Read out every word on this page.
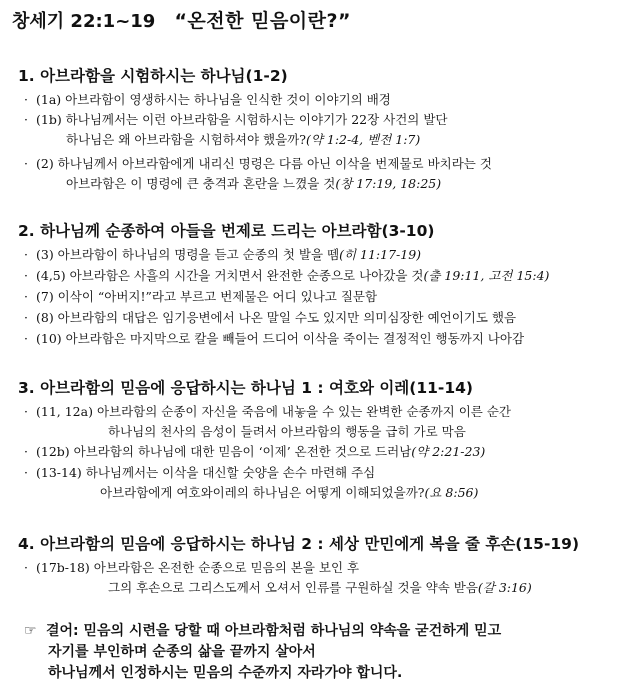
창세기 22:1~19 “온전한 믿음이란?”
1. 아브라함을 시험하시는 하나님(1-2)
· (1a) 아브라함이 영생하시는 하나님을 인식한 것이 이야기의 배경
· (1b) 하나님께서는 이런 아브라함을 시험하시는 이야기가 22장 사건의 발단
하나님은 왜 아브라함을 시험하셔야 했을까?(약 1:2-4, 벧전 1:7)
· (2) 하나님께서 아브라함에게 내리신 명령은 다름 아닌 이삭을 번제물로 바치라는 것
아브라함은 이 명령에 큰 충격과 혼란을 느꼈을 것(창 17:19, 18:25)
2. 하나님께 순종하여 아들을 번제로 드리는 아브라함(3-10)
· (3) 아브라함이 하나님의 명령을 듣고 순종의 첫 발을 뗌(히 11:17-19)
· (4,5) 아브라함은 사흘의 시간을 거치면서 완전한 순종으로 나아갔을 것(출 19:11, 고전 15:4)
· (7) 이삭이 “아버지!”라고 부르고 번제물은 어디 있나고 질문함
· (8) 아브라함의 대답은 임기응변에서 나온 말일 수도 있지만 의미심장한 예언이기도 했음
· (10) 아브라함은 마지막으로 칼을 빼들어 드디어 이삭을 죽이는 결정적인 행동까지 나아감
3. 아브라함의 믿음에 응답하시는 하나님 1 : 여호와 이레(11-14)
· (11, 12a) 아브라함의 순종이 자신을 죽음에 내놓을 수 있는 완벽한 순종까지 이른 순간
하나님의 천사의 음성이 들려서 아브라함의 행동을 급히 가로 막음
· (12b) 아브라함의 하나님에 대한 믿음이 ‘이제’ 온전한 것으로 드러남(약 2:21-23)
· (13-14) 하나님께서는 이삭을 대신할 숫양을 손수 마련해 주심
아브라함에게 여호와이레의 하나님은 어떻게 이해되었을까?(요 8:56)
4. 아브라함의 믿음에 응답하시는 하나님 2 : 세상 만민에게 복을 줄 후손(15-19)
· (17b-18) 아브라함은 온전한 순종으로 믿음의 본을 보인 후
그의 후손으로 그리스도께서 오셔서 인류를 구원하실 것을 약속 받음(갈 3:16)
☞ 결어: 믿음의 시련을 당할 때 아브라함처럼 하나님의 약속을 굳건하게 믿고
자기를 부인하며 순종의 삶을 끝까지 살아서
하나님께서 인정하시는 믿음의 수준까지 자라가야 합니다.
